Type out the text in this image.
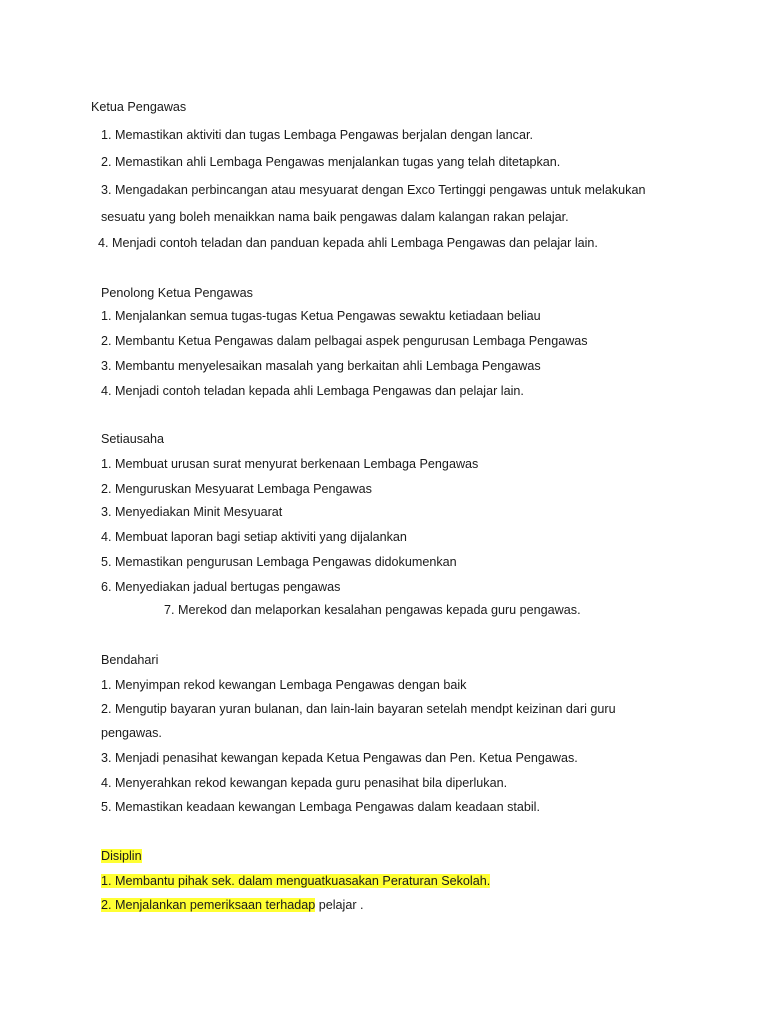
Ketua Pengawas
1. Memastikan aktiviti dan tugas Lembaga Pengawas berjalan dengan lancar.
2. Memastikan ahli Lembaga Pengawas menjalankan tugas yang telah ditetapkan.
3. Mengadakan perbincangan atau mesyuarat dengan Exco Tertinggi pengawas untuk melakukan
sesuatu yang boleh menaikkan nama baik pengawas dalam kalangan rakan pelajar.
4. Menjadi contoh teladan dan panduan kepada ahli Lembaga Pengawas dan pelajar lain.
Penolong Ketua Pengawas
1. Menjalankan semua tugas-tugas Ketua Pengawas sewaktu ketiadaan beliau
2. Membantu Ketua Pengawas dalam pelbagai aspek pengurusan Lembaga Pengawas
3. Membantu menyelesaikan masalah yang berkaitan ahli Lembaga Pengawas
4. Menjadi contoh teladan kepada ahli Lembaga Pengawas dan pelajar lain.
Setiausaha
1. Membuat urusan surat menyurat berkenaan Lembaga Pengawas
2. Menguruskan Mesyuarat Lembaga Pengawas
3. Menyediakan Minit Mesyuarat
4. Membuat laporan bagi setiap aktiviti yang dijalankan
5. Memastikan pengurusan Lembaga Pengawas didokumenkan
6. Menyediakan jadual bertugas pengawas
7. Merekod dan melaporkan kesalahan pengawas kepada guru pengawas.
Bendahari
1. Menyimpan rekod kewangan Lembaga Pengawas dengan baik
2. Mengutip bayaran yuran bulanan, dan lain-lain bayaran setelah mendpt keizinan dari guru
pengawas.
3. Menjadi penasihat kewangan kepada Ketua Pengawas dan Pen. Ketua Pengawas.
4. Menyerahkan rekod kewangan kepada guru penasihat bila diperlukan.
5. Memastikan keadaan kewangan Lembaga Pengawas dalam keadaan stabil.
Disiplin
1. Membantu pihak sek. dalam menguatkuasakan Peraturan Sekolah.
2. Menjalankan pemeriksaan terhadap pelajar .
